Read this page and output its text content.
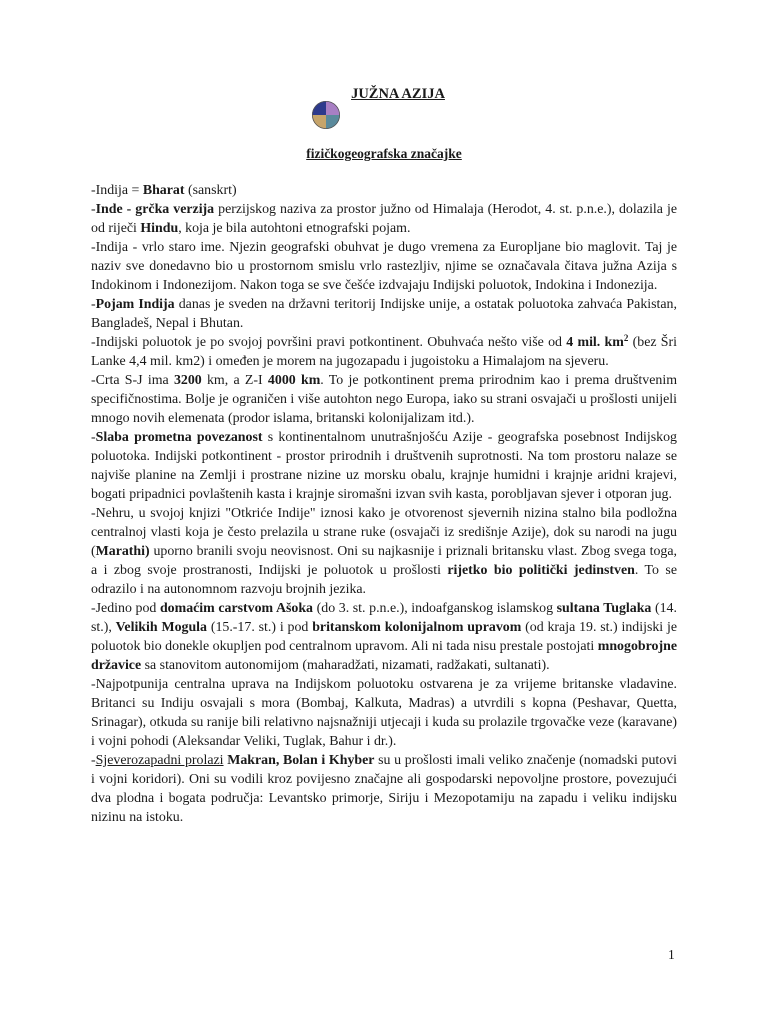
JUŽNA AZIJA
fizičkogeografska značajke

-Indija = Bharat (sanskrt)

-Inde - grčka verzija perzijskog naziva za prostor južno od Himalaja (Herodot, 4. st. p.n.e.), dolazila je od riječi Hindu, koja je bila autohtoni etnografski pojam.

-Indija - vrlo staro ime. Njezin geografski obuhvat je dugo vremena za Europljane bio maglovit. Taj je naziv sve donedavno bio u prostornom smislu vrlo rastezljiv, njime se označavala čitava južna Azija s Indokinom i Indonezijom. Nakon toga se sve češće izdvajaju Indijski poluotok, Indokina i Indonezija.

-Pojam Indija danas je sveden na državni teritorij Indijske unije, a ostatak poluotoka zahvaća Pakistan, Bangladeš, Nepal i Bhutan.

-Indijski poluotok je po svojoj površini pravi potkontinent. Obuhvaća nešto više od 4 mil. $km^2$ (bez Šri Lanke 4,4 mil. km2) i omeđen je morem na jugozapadu i jugoistoku a Himalajom na sjeveru.

-Crta S-J ima 3200 km, a Z-I 4000 km. To je potkontinent prema prirodnim kao i prema društvenim specifičnostima. Bolje je ograničen i više autohton nego Europa, iako su strani osvajači u prošlosti unijeli mnogo novih elemenata (prodor islama, britanski kolonijalizam itd.).

-Slaba prometna povezanost s kontinentalnom unutrašnjošću Azije - geografska posebnost Indijskog poluotoka. Indijski potkontinent - prostor prirodnih i društvenih suprotnosti. Na tom prostoru nalaze se najviše planine na Zemlji i prostrane nizine uz morsku obalu, krajnje humidni i krajnje aridni krajevi, bogati pripadnici povlaštenih kasta i krajnje siromašni izvan svih kasta, porobljavan sjever i otporan jug.

-Nehru, u svojoj knjizi "Otkriće Indije" iznosi kako je otvorenost sjevernih nizina stalno bila podložna centralnoj vlasti koja je često prelazila u strane ruke (osvajači iz središnje Azije), dok su narodi na jugu (Marathi) uporno branili svoju neovisnost. Oni su najkasnije i priznali britansku vlast. Zbog svega toga, a i zbog svoje prostranosti, Indijski je poluotok u prošlosti rijetko bio politički jedinstven. To se odrazilo i na autonomnom razvoju brojnih jezika.

-Jedino pod domaćim carstvom Ašoka (do 3. st. p.n.e.), indoafganskog islamskog sultana Tuglaka (14. st.), Velikih Mogula (15.-17. st.) i pod britanskom kolonijalnom upravom (od kraja 19. st.) indijski je poluotok bio donekle okupljen pod centralnom upravom. Ali ni tada nisu prestale postojati mnogobrojne državice sa stanovitom autonomijom (maharadžati, nizamati, radžakati, sultanati).

-Najpotpunija centralna uprava na Indijskom poluotoku ostvarena je za vrijeme britanske vladavine. Britanci su Indiju osvajali s mora (Bombaj, Kalkuta, Madras) a utvrdili s kopna (Peshavar, Quetta, Srinagar), otkuda su ranije bili relativno najsnažniji utjecaji i kuda su prolazile trgovačke veze (karavane) i vojni pohodi (Aleksandar Veliki, Tuglak, Bahur i dr.).

-Sjeverozapadni prolazi Makran, Bolan i Khyber su u prošlosti imali veliko značenje (nomadski putovi i vojni koridori). Oni su vodili kroz povijesno značajne ali gospodarski nepovoljne prostore, povezujući dva plodna i bogata područja: Levantsko primorje, Siriju i Mezopotamiju na zapadu i veliku indijsku nizinu na istoku.

1
